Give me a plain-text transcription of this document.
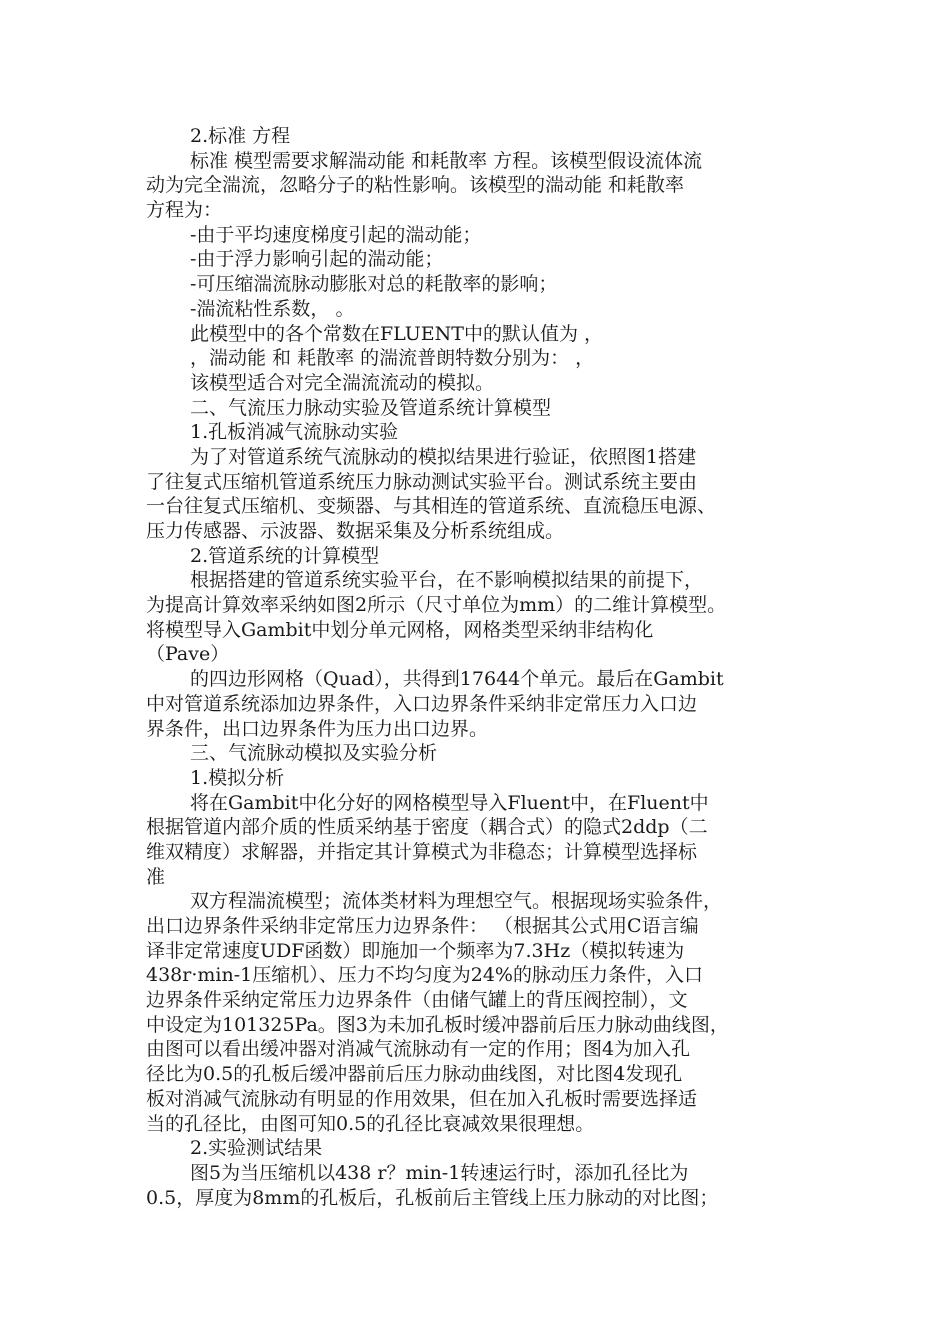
2.标准 方程
标准 模型需要求解湍动能 和耗散率 方程。该模型假设流体流
动为完全湍流，忽略分子的粘性影响。该模型的湍动能 和耗散率
方程为：
-由于平均速度梯度引起的湍动能；
-由于浮力影响引起的湍动能；
-可压缩湍流脉动膨胀对总的耗散率的影响；
-湍流粘性系数， 。
此模型中的各个常数在FLUENT中的默认值为 ，
，湍动能 和 耗散率 的湍流普朗特数分别为： ，
该模型适合对完全湍流流动的模拟。
二、气流压力脉动实验及管道系统计算模型
1.孔板消减气流脉动实验
为了对管道系统气流脉动的模拟结果进行验证，依照图1搭建
了往复式压缩机管道系统压力脉动测试实验平台。测试系统主要由
一台往复式压缩机、变频器、与其相连的管道系统、直流稳压电源、
压力传感器、示波器、数据采集及分析系统组成。
2.管道系统的计算模型
根据搭建的管道系统实验平台，在不影响模拟结果的前提下，
为提高计算效率采纳如图2所示（尺寸单位为mm）的二维计算模型。
将模型导入Gambit中划分单元网格，网格类型采纳非结构化
（Pave）
的四边形网格（Quad），共得到17644个单元。最后在Gambit
中对管道系统添加边界条件，入口边界条件采纳非定常压力入口边
界条件，出口边界条件为压力出口边界。
三、气流脉动模拟及实验分析
1.模拟分析
将在Gambit中化分好的网格模型导入Fluent中，在Fluent中
根据管道内部介质的性质采纳基于密度（耦合式）的隐式2ddp（二
维双精度）求解器，并指定其计算模式为非稳态；计算模型选择标
准
双方程湍流模型；流体类材料为理想空气。根据现场实验条件，
出口边界条件采纳非定常压力边界条件： （根据其公式用C语言编
译非定常速度UDF函数）即施加一个频率为7.3Hz（模拟转速为
438r·min-1压缩机）、压力不均匀度为24%的脉动压力条件，入口
边界条件采纳定常压力边界条件（由储气罐上的背压阀控制），文
中设定为101325Pa。图3为未加孔板时缓冲器前后压力脉动曲线图，
由图可以看出缓冲器对消减气流脉动有一定的作用；图4为加入孔
径比为0.5的孔板后缓冲器前后压力脉动曲线图，对比图4发现孔
板对消减气流脉动有明显的作用效果，但在加入孔板时需要选择适
当的孔径比，由图可知0.5的孔径比衰减效果很理想。
2.实验测试结果
图5为当压缩机以438 r？min-1转速运行时，添加孔径比为
0.5，厚度为8mm的孔板后，孔板前后主管线上压力脉动的对比图；
